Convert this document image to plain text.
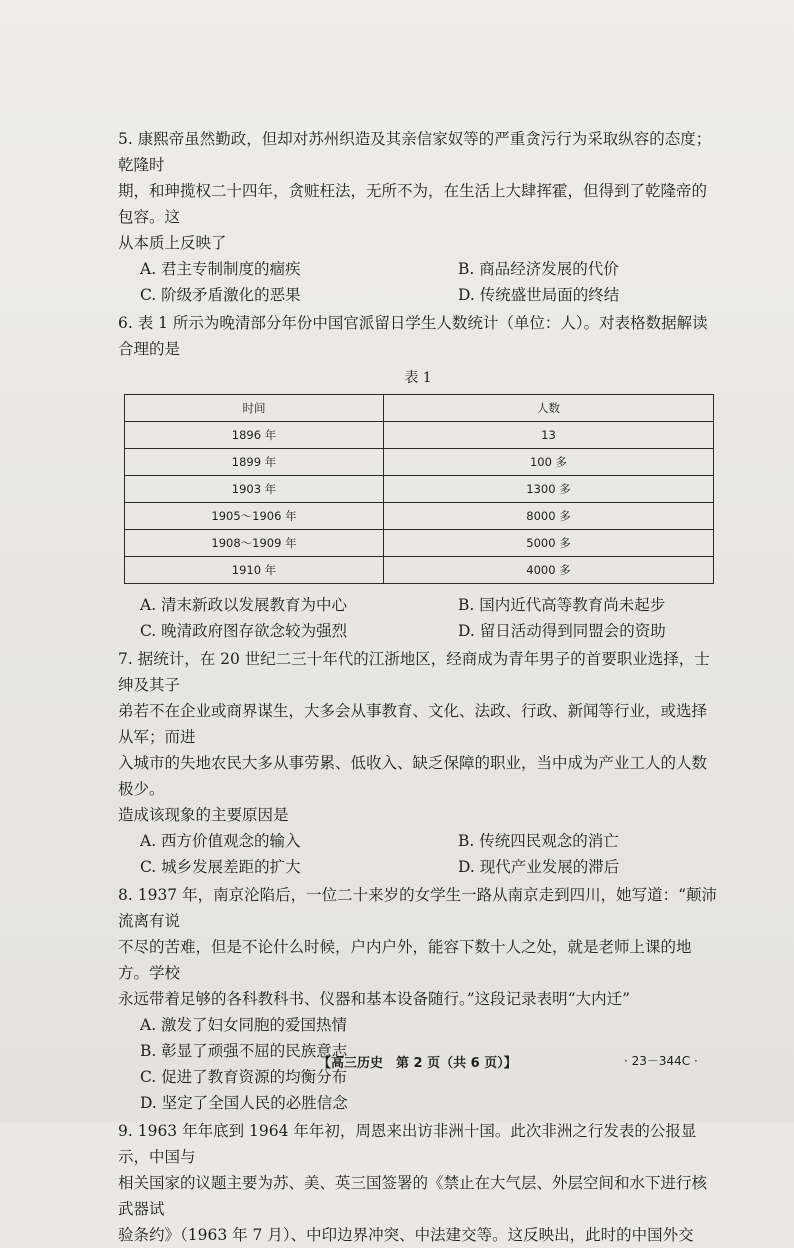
5. 康熙帝虽然勤政，但却对苏州织造及其亲信家奴等的严重贪污行为采取纵容的态度；乾隆时

期，和珅揽权二十四年，贪赃枉法，无所不为，在生活上大肆挥霍，但得到了乾隆帝的包容。这

从本质上反映了

A. 君主专制制度的痼疾	B. 商品经济发展的代价
C. 阶级矛盾激化的恶果	D. 传统盛世局面的终结

6. 表 1 所示为晚清部分年份中国官派留日学生人数统计（单位：人）。对表格数据解读合理的是

表 1
时间	人数
1896 年	13
1899 年	100 多
1903 年	1300 多
1905～1906 年	8000 多
1908～1909 年	5000 多
1910 年	4000 多
A. 清末新政以发展教育为中心	B. 国内近代高等教育尚未起步
C. 晚清政府图存欲念较为强烈	D. 留日活动得到同盟会的资助

7. 据统计，在 20 世纪二三十年代的江浙地区，经商成为青年男子的首要职业选择，士绅及其子

弟若不在企业或商界谋生，大多会从事教育、文化、法政、行政、新闻等行业，或选择从军；而进

入城市的失地农民大多从事劳累、低收入、缺乏保障的职业，当中成为产业工人的人数极少。

造成该现象的主要原因是

A. 西方价值观念的输入	B. 传统四民观念的消亡
C. 城乡发展差距的扩大	D. 现代产业发展的滞后

8. 1937 年，南京沦陷后，一位二十来岁的女学生一路从南京走到四川，她写道：“颠沛流离有说

不尽的苦难，但是不论什么时候，户内户外，能容下数十人之处，就是老师上课的地方。学校

永远带着足够的各科教科书、仪器和基本设备随行。”这段记录表明“大内迁”

A. 激发了妇女同胞的爱国热情
B. 彰显了顽强不屈的民族意志
C. 促进了教育资源的均衡分布
D. 坚定了全国人民的必胜信念

9. 1963 年年底到 1964 年年初，周恩来出访非洲十国。此次非洲之行发表的公报显示，中国与

相关国家的议题主要为苏、美、英三国签署的《禁止在大气层、外层空间和水下进行核武器试

验条约》（1963 年 7 月）、中印边界冲突、中法建交等。这反映出，此时的中国外交

【高三历史　第 2 页（共 6 页）】	· 23－344C ·
